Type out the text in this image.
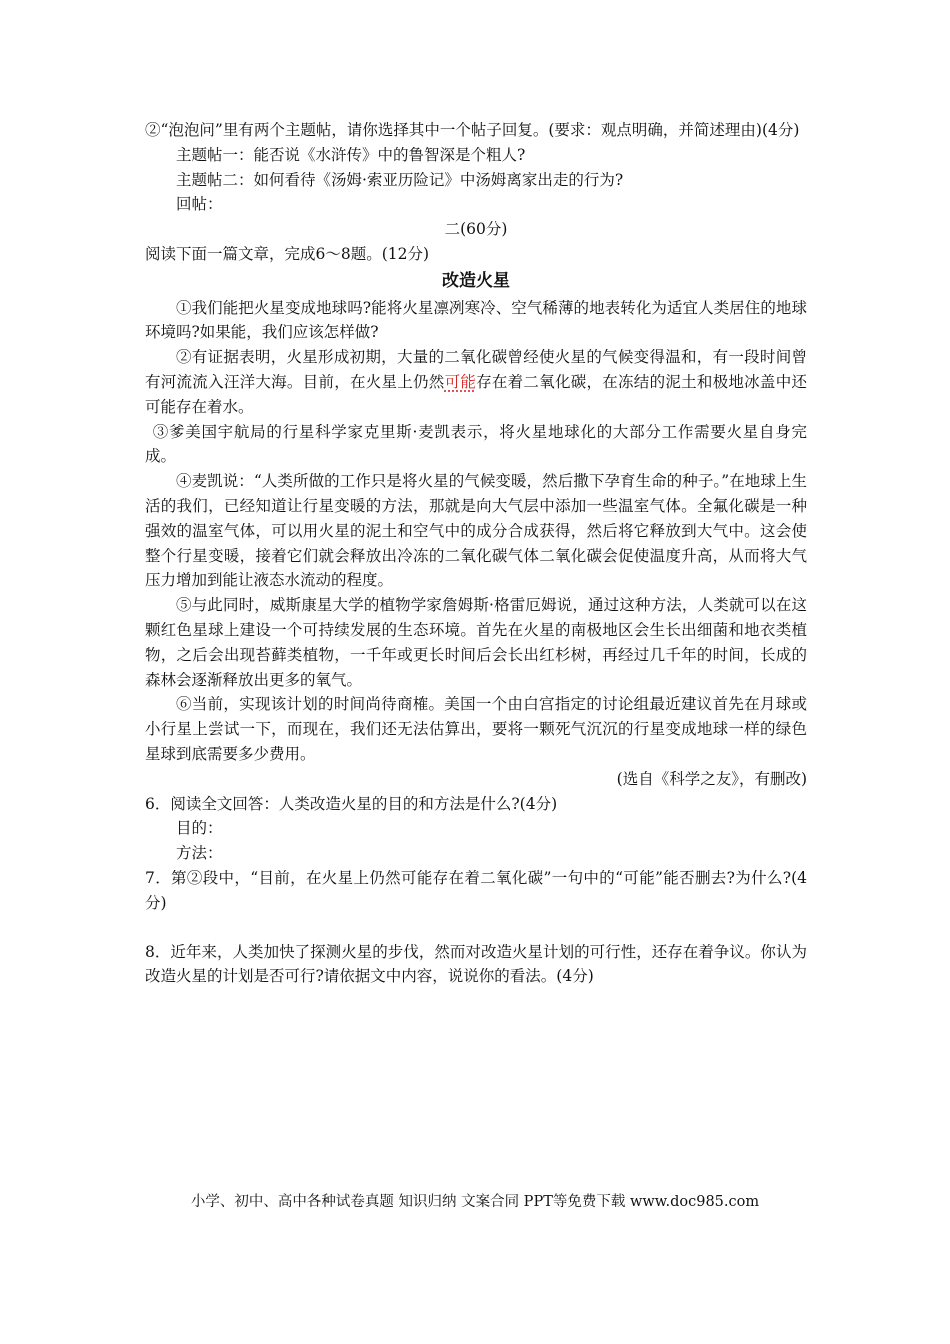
②“泡泡问”里有两个主题帖，请你选择其中一个帖子回复。(要求：观点明确，并简述理由)(4分)

主题帖一：能否说《水浒传》中的鲁智深是个粗人?

主题帖二：如何看待《汤姆·索亚历险记》中汤姆离家出走的行为?

回帖：

二(60分)

阅读下面一篇文章，完成6～8题。(12分)

改造火星

①我们能把火星变成地球吗?能将火星凛冽寒冷、空气稀薄的地表转化为适宜人类居住的地球环境吗?如果能，我们应该怎样做?

②有证据表明，火星形成初期，大量的二氧化碳曾经使火星的气候变得温和，有一段时间曾有河流流入汪洋大海。目前，在火星上仍然可能存在着二氧化碳，在冻结的泥土和极地冰盖中还可能存在着水。

③爹美国宇航局的行星科学家克里斯·麦凯表示，将火星地球化的大部分工作需要火星自身完成。

④麦凯说：“人类所做的工作只是将火星的气候变暖，然后撒下孕育生命的种子。”在地球上生活的我们，已经知道让行星变暖的方法，那就是向大气层中添加一些温室气体。全氟化碳是一种强效的温室气体，可以用火星的泥土和空气中的成分合成获得，然后将它释放到大气中。这会使整个行星变暖，接着它们就会释放出冷冻的二氧化碳气体二氧化碳会促使温度升高，从而将大气压力增加到能让液态水流动的程度。

⑤与此同时，威斯康星大学的植物学家詹姆斯·格雷厄姆说，通过这种方法，人类就可以在这颗红色星球上建设一个可持续发展的生态环境。首先在火星的南极地区会生长出细菌和地衣类植物，之后会出现苔藓类植物，一千年或更长时间后会长出红杉树，再经过几千年的时间，长成的森林会逐渐释放出更多的氧气。

⑥当前，实现该计划的时间尚待商榷。美国一个由白宫指定的讨论组最近建议首先在月球或小行星上尝试一下，而现在，我们还无法估算出，要将一颗死气沉沉的行星变成地球一样的绿色星球到底需要多少费用。

(选自《科学之友》，有删改)

6．阅读全文回答：人类改造火星的目的和方法是什么?(4分)

目的：

方法：

7．第②段中，“目前，在火星上仍然可能存在着二氧化碳”一句中的“可能”能否删去?为什么?(4分)

8．近年来，人类加快了探测火星的步伐，然而对改造火星计划的可行性，还存在着争议。你认为改造火星的计划是否可行?请依据文中内容，说说你的看法。(4分)

小学、初中、高中各种试卷真题 知识归纳 文案合同 PPT等免费下载 www.doc985.com
